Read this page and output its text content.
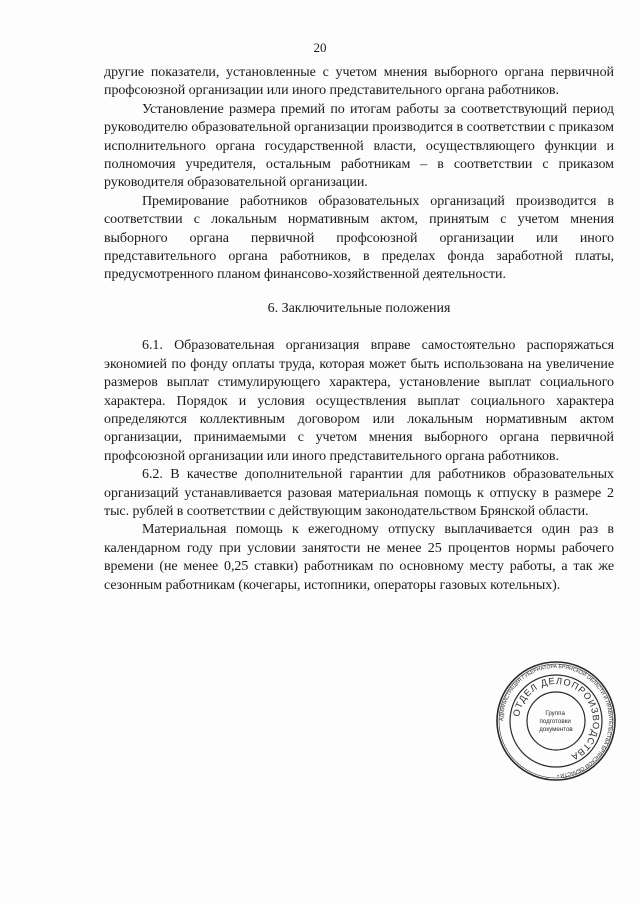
20

другие показатели, установленные с учетом мнения выборного органа первичной профсоюзной организации или иного представительного органа работников.

Установление размера премий по итогам работы за соответствующий период руководителю образовательной организации производится в соответствии с приказом исполнительного органа государственной власти, осуществляющего функции и полномочия учредителя, остальным работникам – в соответствии с приказом руководителя образовательной организации.

Премирование работников образовательных организаций производится в соответствии с локальным нормативным актом, принятым с учетом мнения выборного органа первичной профсоюзной организации или иного представительного органа работников, в пределах фонда заработной платы, предусмотренного планом финансово-хозяйственной деятельности.

6. Заключительные положения

6.1. Образовательная организация вправе самостоятельно распоряжаться экономией по фонду оплаты труда, которая может быть использована на увеличение размеров выплат стимулирующего характера, установление выплат социального характера. Порядок и условия осуществления выплат социального характера определяются коллективным договором или локальным нормативным актом организации, принимаемыми с учетом мнения выборного органа первичной профсоюзной организации или иного представительного органа работников.

6.2. В качестве дополнительной гарантии для работников образовательных организаций устанавливается разовая материальная помощь к отпуску в размере 2 тыс. рублей в соответствии с действующим законодательством Брянской области.

Материальная помощь к ежегодному отпуску выплачивается один раз в календарном году при условии занятости не менее 25 процентов нормы рабочего времени (не менее 0,25 ставки) работникам по основному месту работы, а так же сезонным работникам (кочегары, истопники, операторы газовых котельных).

АДМИНИСТРАЦИЯ ГУБЕРНАТОРА БРЯНСКОЙ ОБЛАСТИ И ПРАВИТЕЛЬСТВА БРЯНСКОЙ ОБЛАСТИ •
ОТДЕЛ ДЕЛОПРОИЗВОДСТВА
Группа подготовки документов
